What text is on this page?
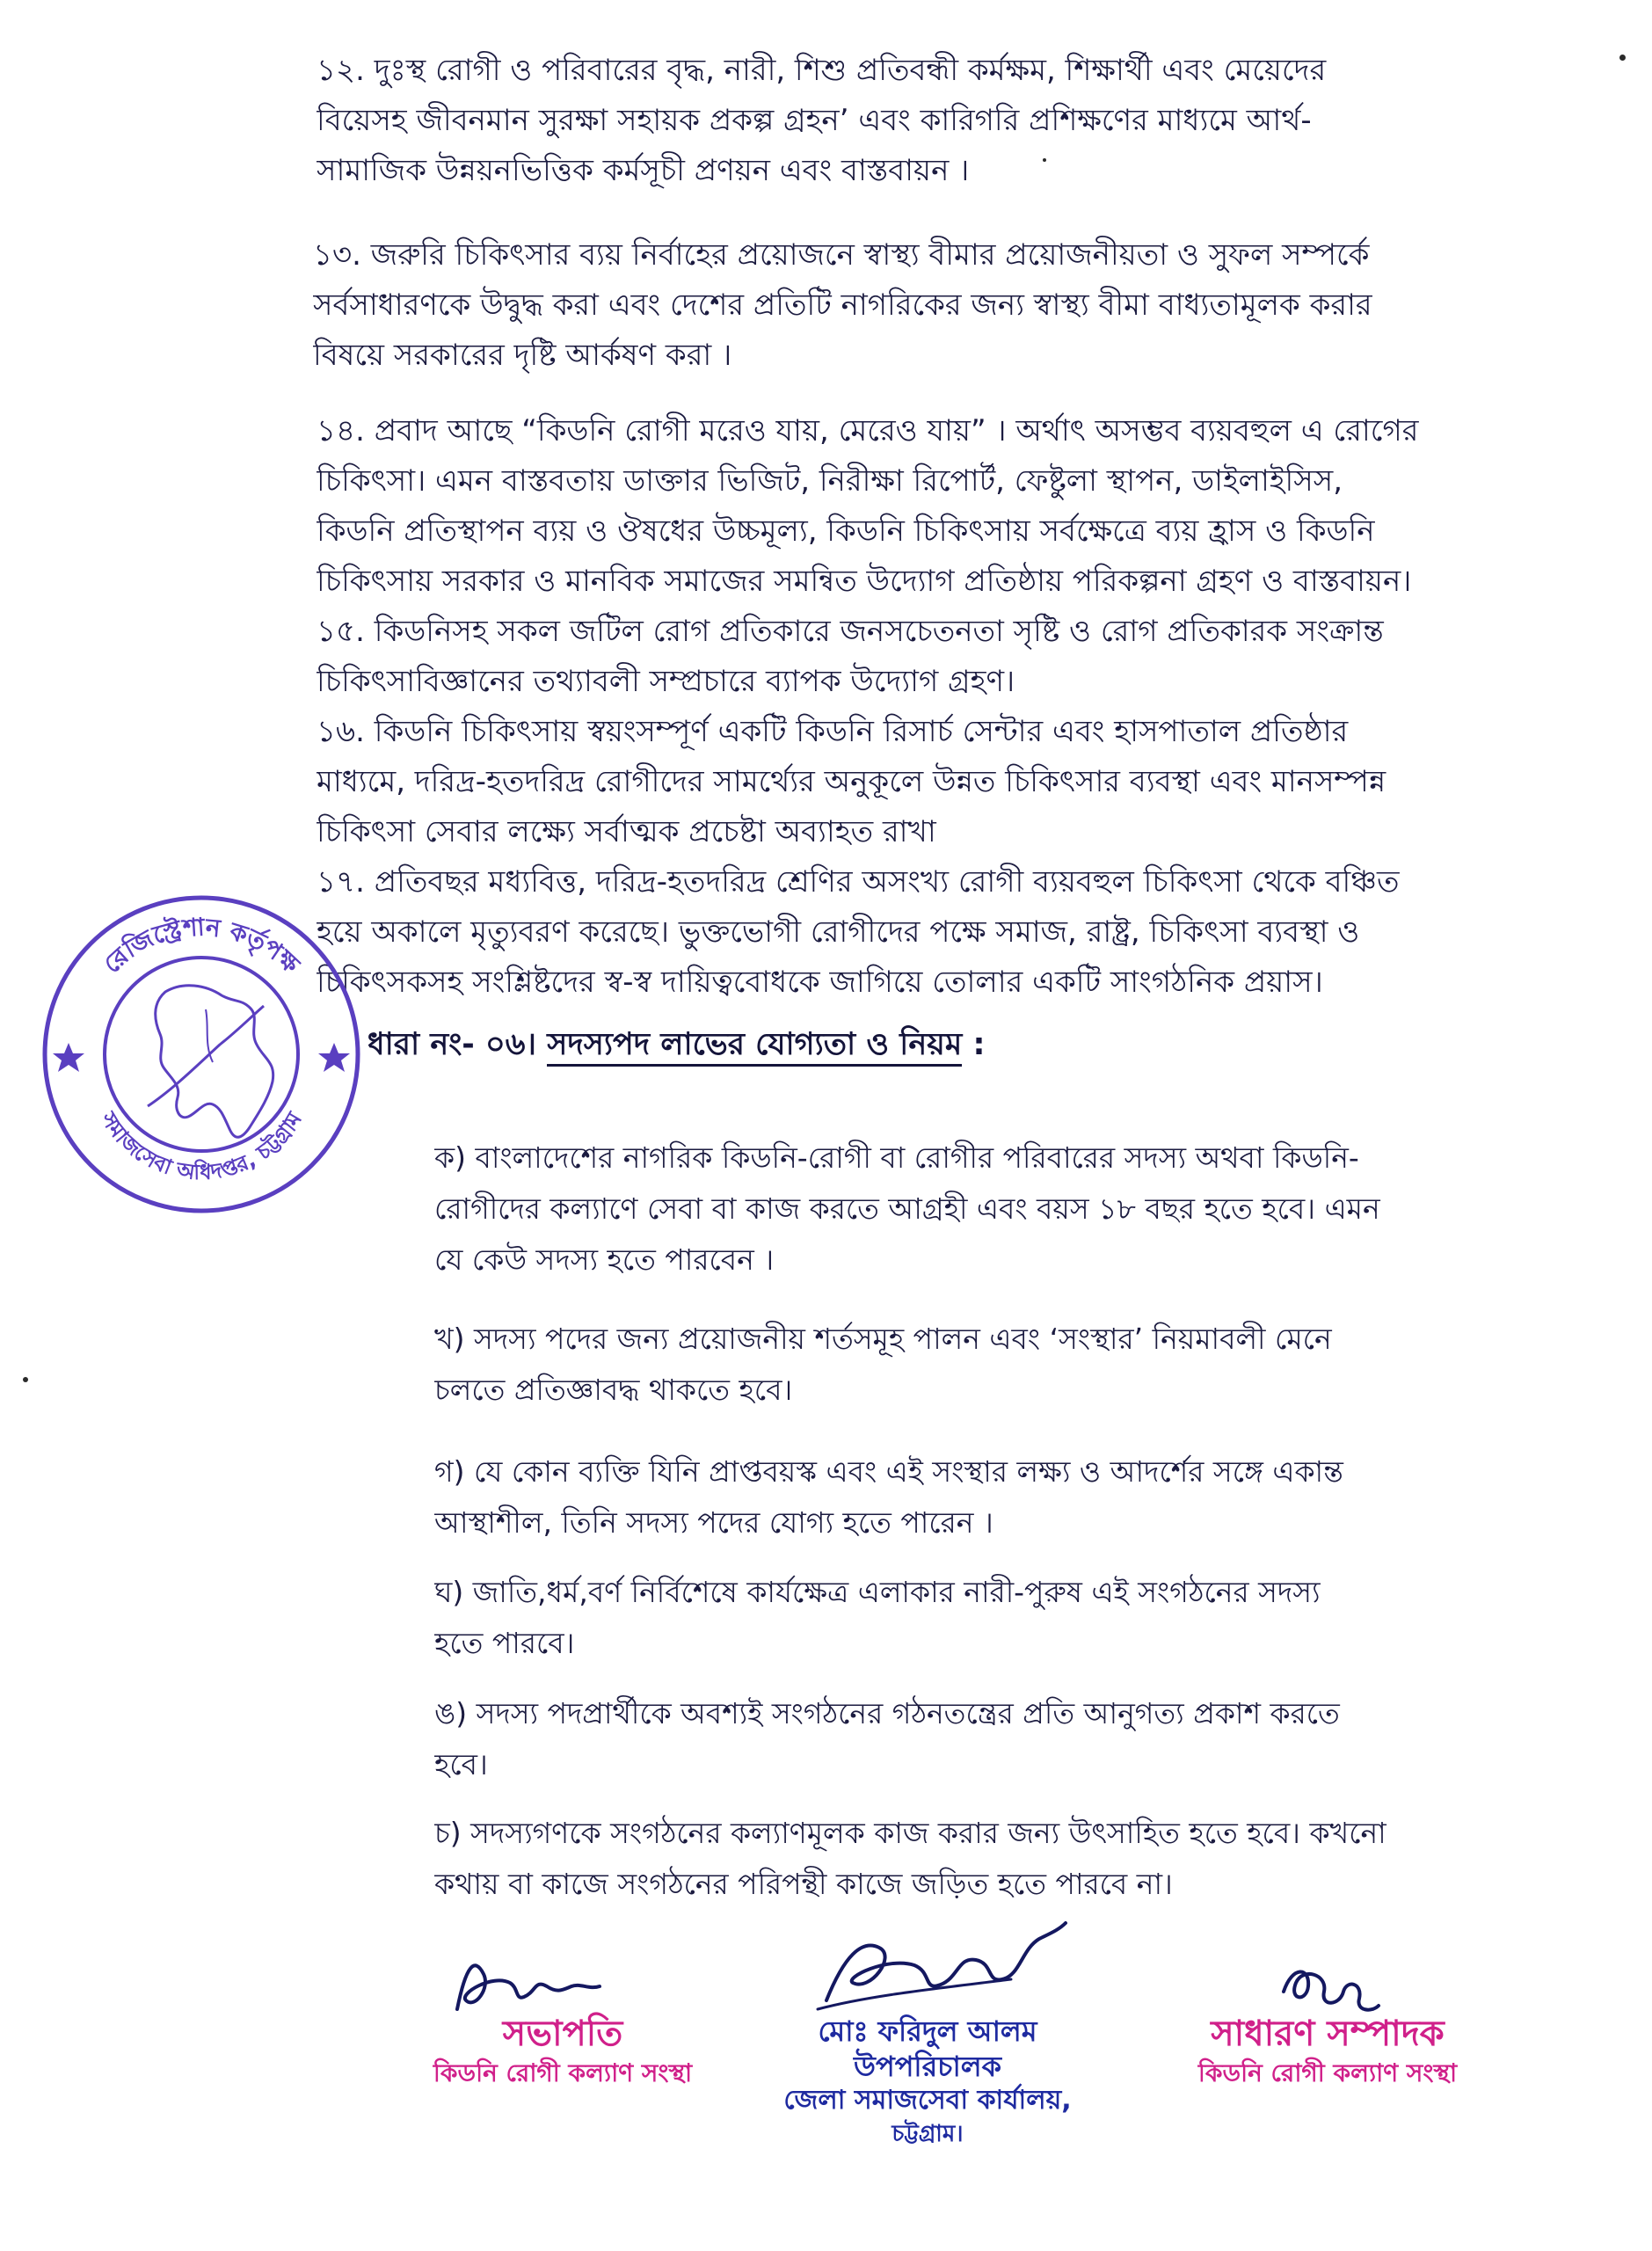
১২. দুঃস্থ রোগী ও পরিবারের বৃদ্ধ, নারী, শিশু প্রতিবন্ধী কর্মক্ষম, শিক্ষার্থী এবং মেয়েদের
বিয়েসহ জীবনমান সুরক্ষা সহায়ক প্রকল্প গ্রহন’ এবং কারিগরি প্রশিক্ষণের মাধ্যমে আর্থ-
সামাজিক উন্নয়নভিত্তিক কর্মসূচী প্রণয়ন এবং বাস্তবায়ন ।
১৩. জরুরি চিকিৎসার ব্যয় নির্বাহের প্রয়োজনে স্বাস্থ্য বীমার প্রয়োজনীয়তা ও সুফল সম্পর্কে
সর্বসাধারণকে উদ্বুদ্ধ করা এবং দেশের প্রতিটি নাগরিকের জন্য স্বাস্থ্য বীমা বাধ্যতামূলক করার
বিষয়ে সরকারের দৃষ্টি আর্কষণ করা ।
১৪. প্রবাদ আছে “কিডনি রোগী মরেও যায়, মেরেও যায়” । অর্থাৎ অসম্ভব ব্যয়বহুল এ রোগের
চিকিৎসা। এমন বাস্তবতায় ডাক্তার ভিজিট, নিরীক্ষা রিপোর্ট, ফেষ্টুলা স্থাপন, ডাইলাইসিস,
কিডনি প্রতিস্থাপন ব্যয় ও ঔষধের উচ্চমূল্য, কিডনি চিকিৎসায় সর্বক্ষেত্রে ব্যয় হ্রাস ও কিডনি
চিকিৎসায় সরকার ও মানবিক সমাজের সমন্বিত উদ্যোগ প্রতিষ্ঠায় পরিকল্পনা গ্রহণ ও বাস্তবায়ন।
১৫. কিডনিসহ সকল জটিল রোগ প্রতিকারে জনসচেতনতা সৃষ্টি ও রোগ প্রতিকারক সংক্রান্ত
চিকিৎসাবিজ্ঞানের তথ্যাবলী সম্প্রচারে ব্যাপক উদ্যোগ গ্রহণ।
১৬. কিডনি চিকিৎসায় স্বয়ংসম্পূর্ণ একটি কিডনি রিসার্চ সেন্টার এবং হাসপাতাল প্রতিষ্ঠার
মাধ্যমে, দরিদ্র-হতদরিদ্র রোগীদের সামর্থ্যের অনুকূলে উন্নত চিকিৎসার ব্যবস্থা এবং মানসম্পন্ন
চিকিৎসা সেবার লক্ষ্যে সর্বাত্মক প্রচেষ্টা অব্যাহত রাখা
১৭. প্রতিবছর মধ্যবিত্ত, দরিদ্র-হতদরিদ্র শ্রেণির অসংখ্য রোগী ব্যয়বহুল চিকিৎসা থেকে বঞ্চিত
হয়ে অকালে মৃত্যুবরণ করেছে। ভুক্তভোগী রোগীদের পক্ষে সমাজ, রাষ্ট্র, চিকিৎসা ব্যবস্থা ও
চিকিৎসকসহ সংশ্লিষ্টদের স্ব-স্ব দায়িত্ববোধকে জাগিয়ে তোলার একটি সাংগঠনিক প্রয়াস।
রেজিস্ট্রেশান কর্তৃপক্ষ
সমাজসেবা অধিদপ্তর, চট্টগ্রাম
ধারা নং- ০৬। সদস্যপদ লাভের যোগ্যতা ও নিয়ম :
ক) বাংলাদেশের নাগরিক কিডনি-রোগী বা রোগীর পরিবারের সদস্য অথবা কিডনি-
রোগীদের কল্যাণে সেবা বা কাজ করতে আগ্রহী এবং বয়স ১৮ বছর হতে হবে। এমন
যে কেউ সদস্য হতে পারবেন ।
খ) সদস্য পদের জন্য প্রয়োজনীয় শর্তসমূহ পালন এবং ‘সংস্থার’ নিয়মাবলী মেনে
চলতে প্রতিজ্ঞাবদ্ধ থাকতে হবে।
গ) যে কোন ব্যক্তি যিনি প্রাপ্তবয়স্ক এবং এই সংস্থার লক্ষ্য ও আদর্শের সঙ্গে একান্ত
আস্থাশীল, তিনি সদস্য পদের যোগ্য হতে পারেন ।
ঘ) জাতি,ধর্ম,বর্ণ নির্বিশেষে কার্যক্ষেত্র এলাকার নারী-পুরুষ এই সংগঠনের সদস্য
হতে পারবে।
ঙ) সদস্য পদপ্রার্থীকে অবশ্যই সংগঠনের গঠনতন্ত্রের প্রতি আনুগত্য প্রকাশ করতে
হবে।
চ) সদস্যগণকে সংগঠনের কল্যাণমূলক কাজ করার জন্য উৎসাহিত হতে হবে। কখনো
কথায় বা কাজে সংগঠনের পরিপন্থী কাজে জড়িত হতে পারবে না।
সভাপতি
কিডনি রোগী কল্যাণ সংস্থা
মোঃ ফরিদুল আলম
উপপরিচালক
জেলা সমাজসেবা কার্যালয়,
চট্টগ্রাম।
সাধারণ সম্পাদক
কিডনি রোগী কল্যাণ সংস্থা
